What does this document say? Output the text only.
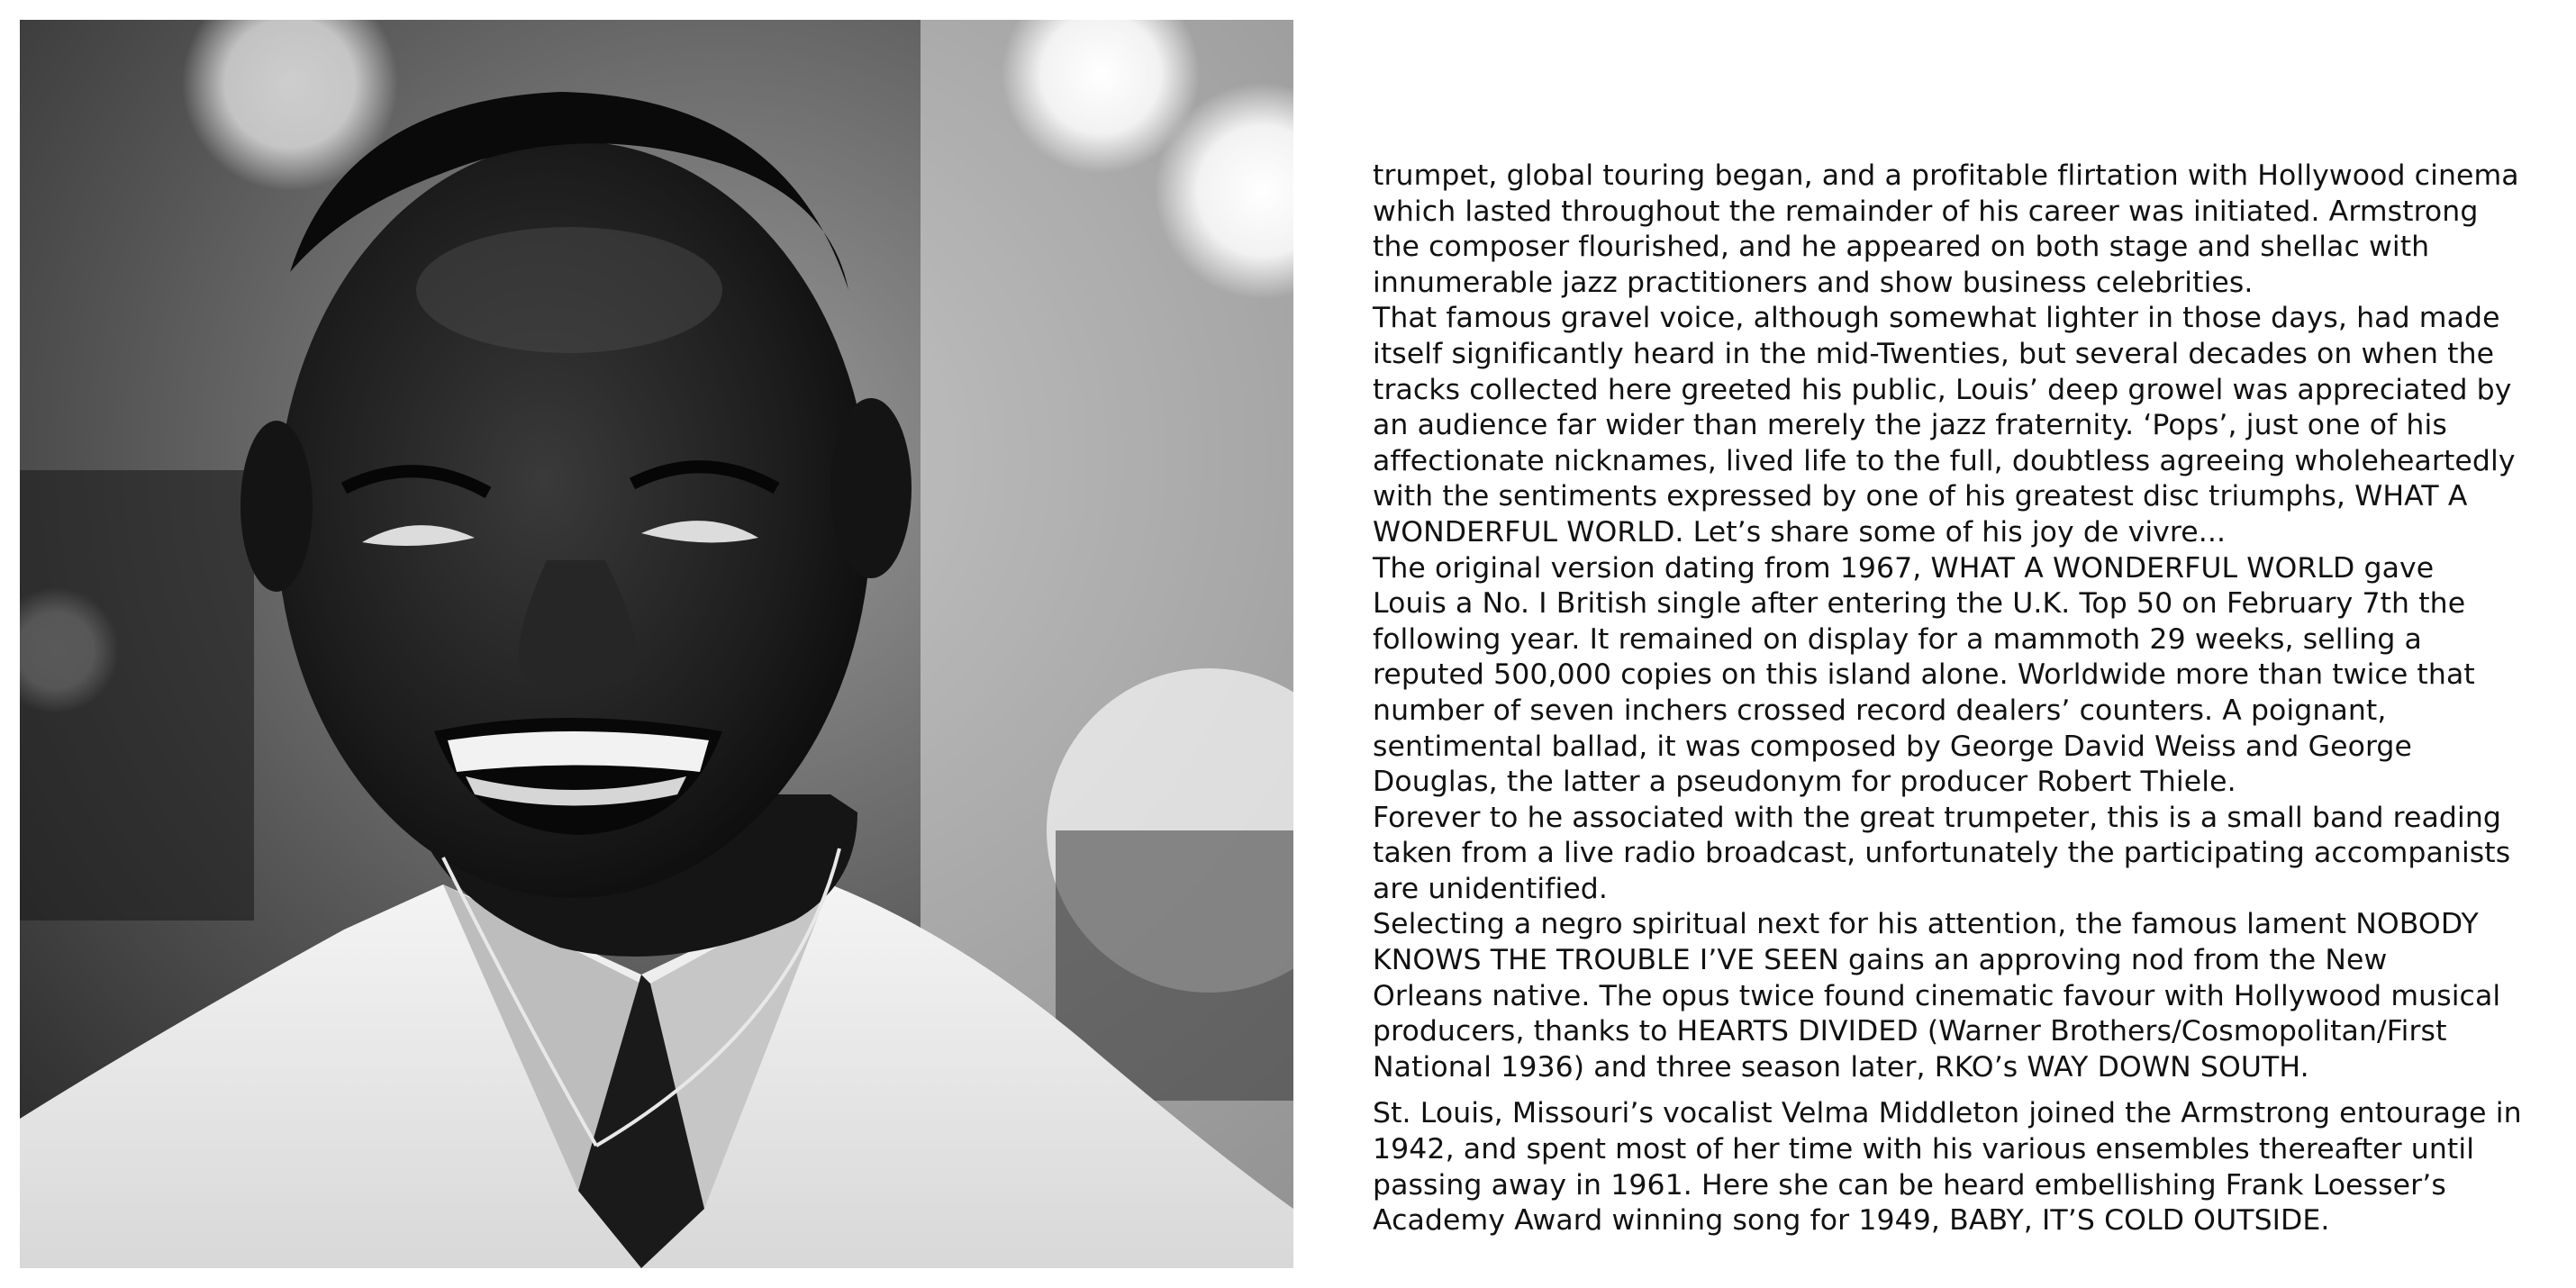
trumpet, global touring began, and a profitable flirtation with Hollywood cinema
which lasted throughout the remainder of his career was initiated. Armstrong
the composer flourished, and he appeared on both stage and shellac with
innumerable jazz practitioners and show business celebrities.

That famous gravel voice, although somewhat lighter in those days, had made
itself significantly heard in the mid-Twenties, but several decades on when the
tracks collected here greeted his public, Louis’ deep growel was appreciated by
an audience far wider than merely the jazz fraternity. ‘Pops’, just one of his
affectionate nicknames, lived life to the full, doubtless agreeing wholeheartedly
with the sentiments expressed by one of his greatest disc triumphs, WHAT A
WONDERFUL WORLD. Let’s share some of his joy de vivre...

The original version dating from 1967, WHAT A WONDERFUL WORLD gave
Louis a No. I British single after entering the U.K. Top 50 on February 7th the
following year. It remained on display for a mammoth 29 weeks, selling a
reputed 500,000 copies on this island alone. Worldwide more than twice that
number of seven inchers crossed record dealers’ counters. A poignant,
sentimental ballad, it was composed by George David Weiss and George
Douglas, the latter a pseudonym for producer Robert Thiele.

Forever to he associated with the great trumpeter, this is a small band reading
taken from a live radio broadcast, unfortunately the participating accompanists
are unidentified.

Selecting a negro spiritual next for his attention, the famous lament NOBODY
KNOWS THE TROUBLE I’VE SEEN gains an approving nod from the New
Orleans native. The opus twice found cinematic favour with Hollywood musical
producers, thanks to HEARTS DIVIDED (Warner Brothers/Cosmopolitan/First
National 1936) and three season later, RKO’s WAY DOWN SOUTH.

St. Louis, Missouri’s vocalist Velma Middleton joined the Armstrong entourage in
1942, and spent most of her time with his various ensembles thereafter until
passing away in 1961. Here she can be heard embellishing Frank Loesser’s
Academy Award winning song for 1949, BABY, IT’S COLD OUTSIDE.
